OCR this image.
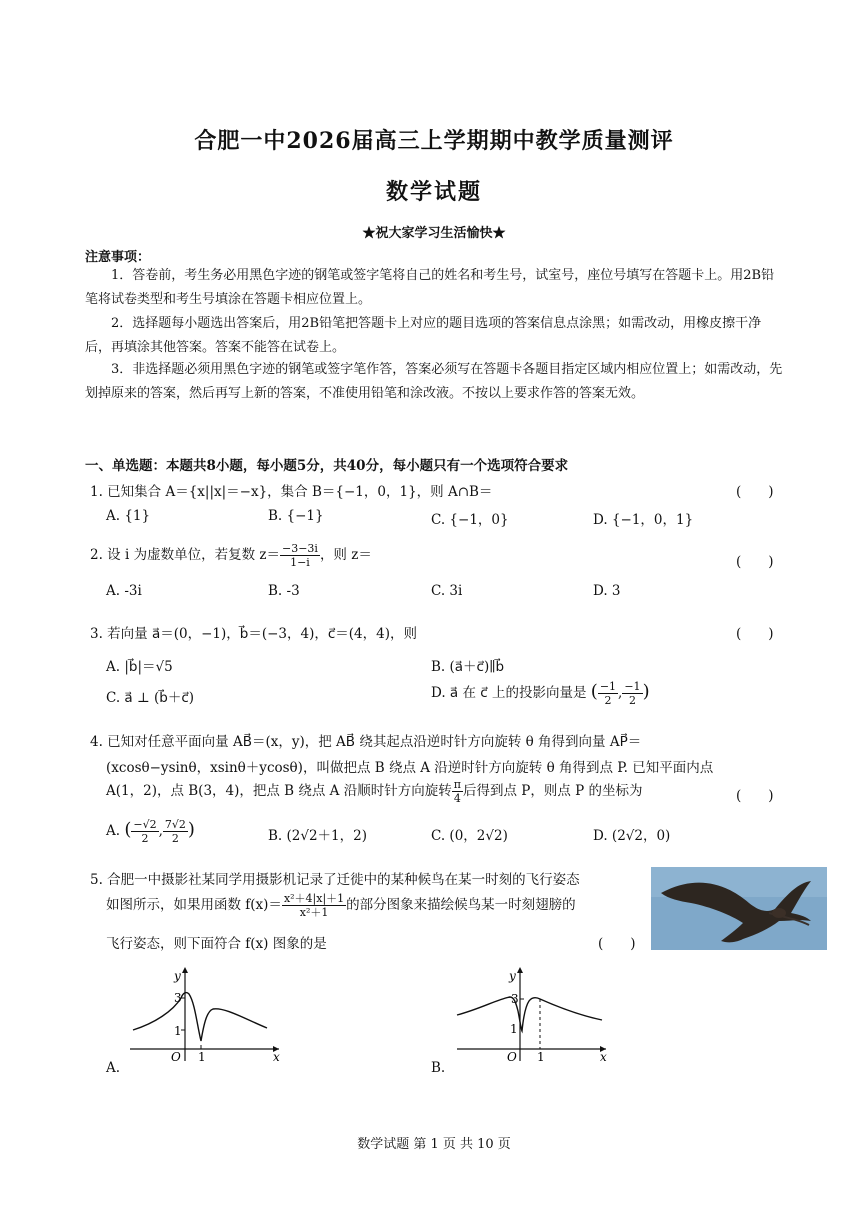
合肥一中2026届高三上学期期中教学质量测评
数学试题
★祝大家学习生活愉快★
注意事项：
1．答卷前，考生务必用黑色字迹的钢笔或签字笔将自己的姓名和考生号，试室号，座位号填写在答题卡上。用2B铅笔将试卷类型和考生号填涂在答题卡相应位置上。
2．选择题每小题选出答案后，用2B铅笔把答题卡上对应的题目选项的答案信息点涂黑；如需改动，用橡皮擦干净后，再填涂其他答案。答案不能答在试卷上。
3．非选择题必须用黑色字迹的钢笔或签字笔作答，答案必须写在答题卡各题目指定区域内相应位置上；如需改动，先划掉原来的答案，然后再写上新的答案，不准使用铅笔和涂改液。不按以上要求作答的答案无效。
一、单选题：本题共8小题，每小题5分，共40分，每小题只有一个选项符合要求
1. 已知集合 A＝{x||x|＝−x}，集合 B＝{−1，0，1}，则 A∩B＝	(　　)
A. {1}	B. {−1}	C. {−1，0}	D. {−1，0，1}
2. 设 i 为虚数单位，若复数 $z= \frac{-3-3i}{1-i}$ ，则 z＝	(　　)
A. -3i	B. -3	C. 3i	D. 3
3. 若向量 a⃗＝(0，−1)，b⃗＝(−3，4)，c⃗＝(4，4)，则	(　　)
A. |b⃗|＝√5	B. (a⃗＋c⃗)∥b⃗
C. a⃗ ⊥ (b⃗＋c⃗)	D. a⃗ 在 c⃗ 上的投影向量是 ( $\frac{-1}{2}$ , $\frac{-1}{2}$ )
4. 已知对任意平面向量 AB⃗＝(x，y)，把 AB⃗ 绕其起点沿逆时针方向旋转 θ 角得到向量 AP⃗＝
(xcosθ−ysinθ，xsinθ＋ycosθ)，叫做把点 B 绕点 A 沿逆时针方向旋转 θ 角得到点 P. 已知平面内点
A(1，2)，点 B(3，4)，把点 B 绕点 A 沿顺时针方向旋转 $\frac{\pi}{4}$ 后得到点 P，则点 P 的坐标为	(　　)
A. ( $\frac{-√2}{2}$ , $\frac{7√2}{2}$ )	B. (2√2＋1，2)	C. (0，2√2)	D. (2√2，0)
5. 合肥一中摄影社某同学用摄影机记录了迁徙中的某种候鸟在某一时刻的飞行姿态
如图所示，如果用函数 $f(x)= \frac{\text{x²＋4|x|＋1}}{\text{x²＋1}}$ 的部分图象来描绘候鸟某一时刻翅膀的
飞行姿态，则下面符合 f(x) 图象的是	(　　)
y
x
O
3
1
1
A.
y
x
O
3
1
1
B.
数学试题 第 1 页 共 10 页
